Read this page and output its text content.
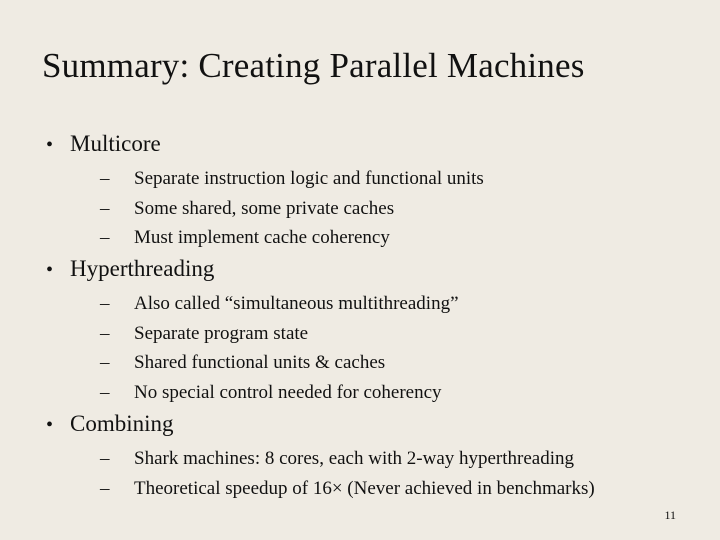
Summary: Creating Parallel Machines
• Multicore
–	Separate instruction logic and functional units
–	Some shared, some private caches
–	Must implement cache coherency
• Hyperthreading
–	Also called “simultaneous multithreading”
–	Separate program state
–	Shared functional units & caches
–	No special control needed for coherency
• Combining
–	Shark machines: 8 cores, each with 2-way hyperthreading
–	Theoretical speedup of 16× (Never achieved in benchmarks)
11
